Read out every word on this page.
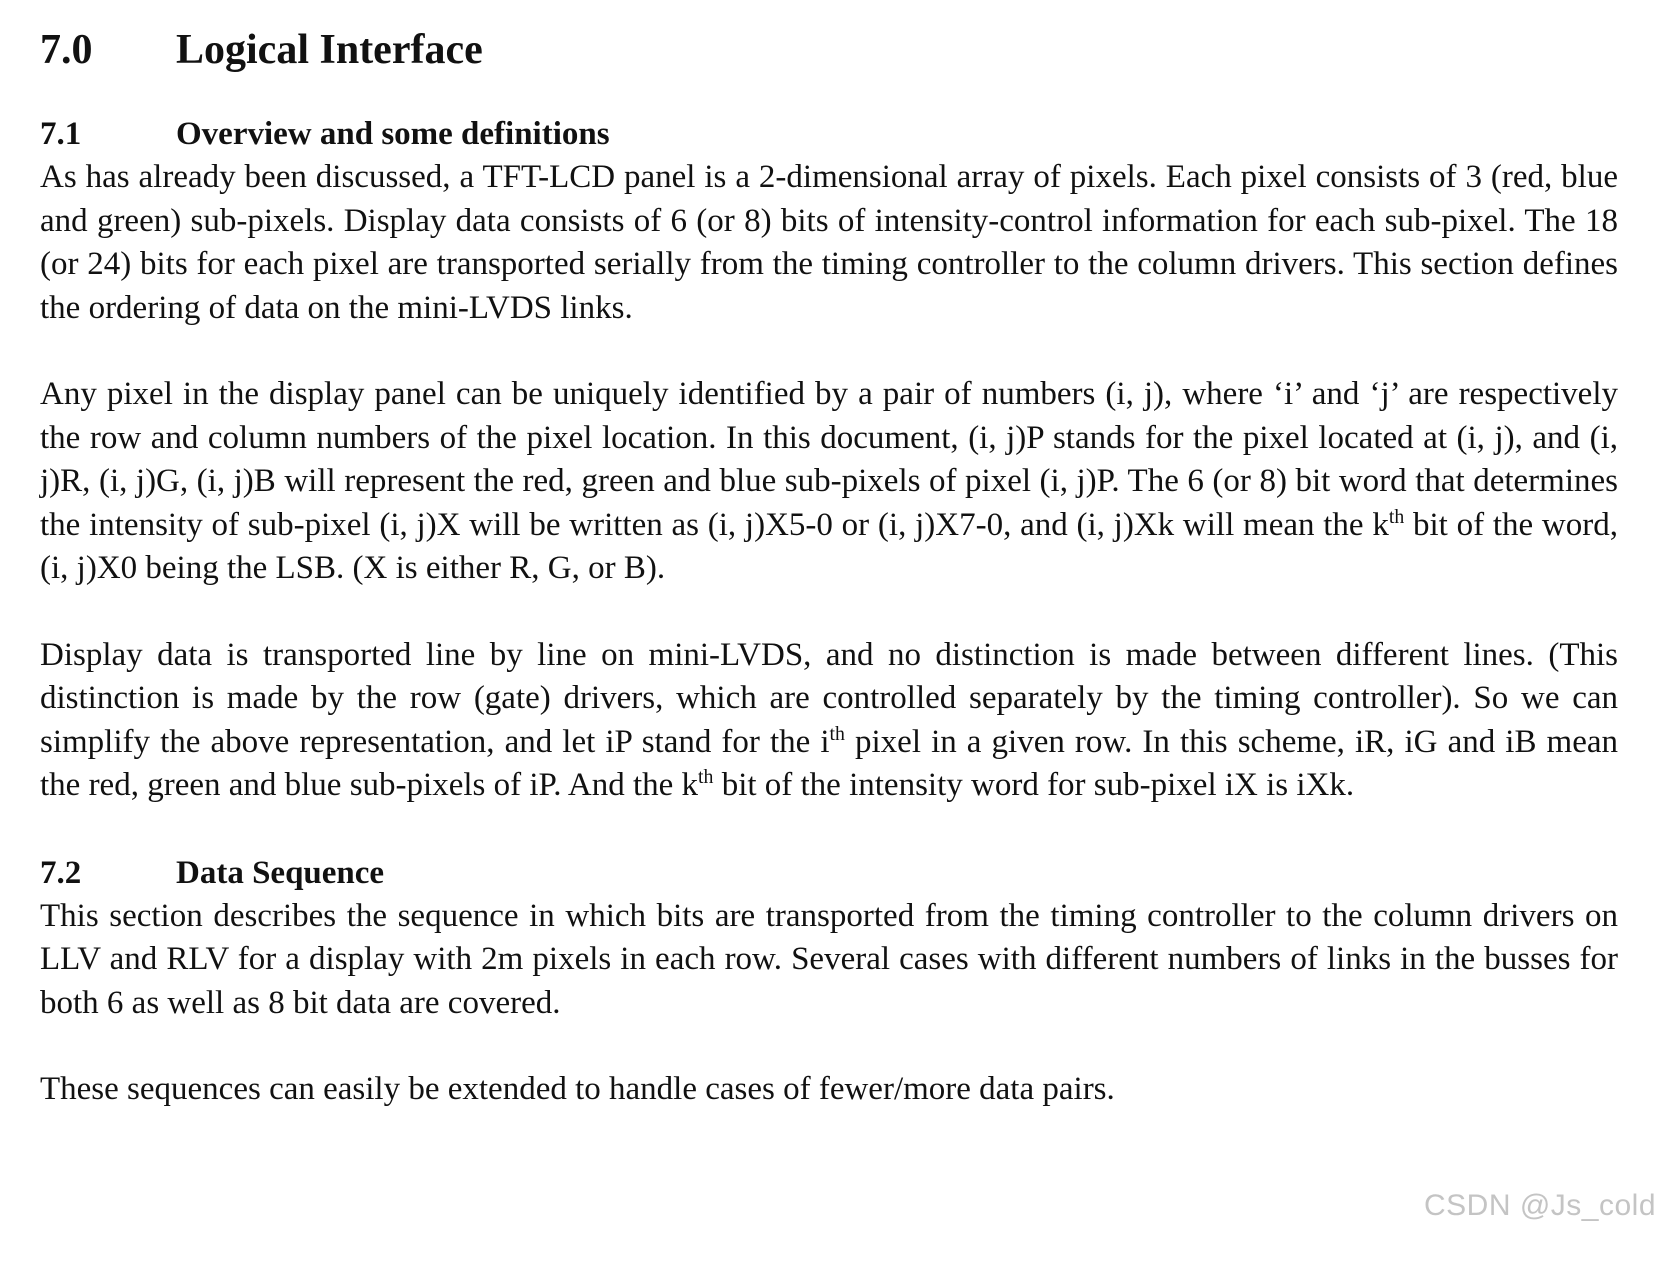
7.0	Logical Interface
7.1	Overview and some definitions

As has already been discussed, a TFT-LCD panel is a 2-dimensional array of pixels. Each pixel consists of 3 (red, blue and green) sub-pixels. Display data consists of 6 (or 8) bits of intensity-control information for each sub-pixel. The 18 (or 24) bits for each pixel are transported serially from the timing controller to the column drivers. This section defines the ordering of data on the mini-LVDS links.

Any pixel in the display panel can be uniquely identified by a pair of numbers (i, j), where ‘i’ and ‘j’ are respectively the row and column numbers of the pixel location. In this document, (i, j)P stands for the pixel located at (i, j), and (i, j)R, (i, j)G, (i, j)B will represent the red, green and blue sub-pixels of pixel (i, j)P. The 6 (or 8) bit word that determines the intensity of sub-pixel (i, j)X will be written as (i, j)X5-0 or (i, j)X7-0, and (i, j)Xk will mean the $k^{th}$ bit of the word, (i, j)X0 being the LSB. (X is either R, G, or B).

Display data is transported line by line on mini-LVDS, and no distinction is made between different lines. (This distinction is made by the row (gate) drivers, which are controlled separately by the timing controller). So we can simplify the above representation, and let iP stand for the $i^{th}$ pixel in a given row. In this scheme, iR, iG and iB mean the red, green and blue sub-pixels of iP. And the $k^{th}$ bit of the intensity word for sub-pixel iX is iXk.

7.2	Data Sequence

This section describes the sequence in which bits are transported from the timing controller to the column drivers on LLV and RLV for a display with 2m pixels in each row. Several cases with different numbers of links in the busses for both 6 as well as 8 bit data are covered.

These sequences can easily be extended to handle cases of fewer/more data pairs.

CSDN @Js_cold
